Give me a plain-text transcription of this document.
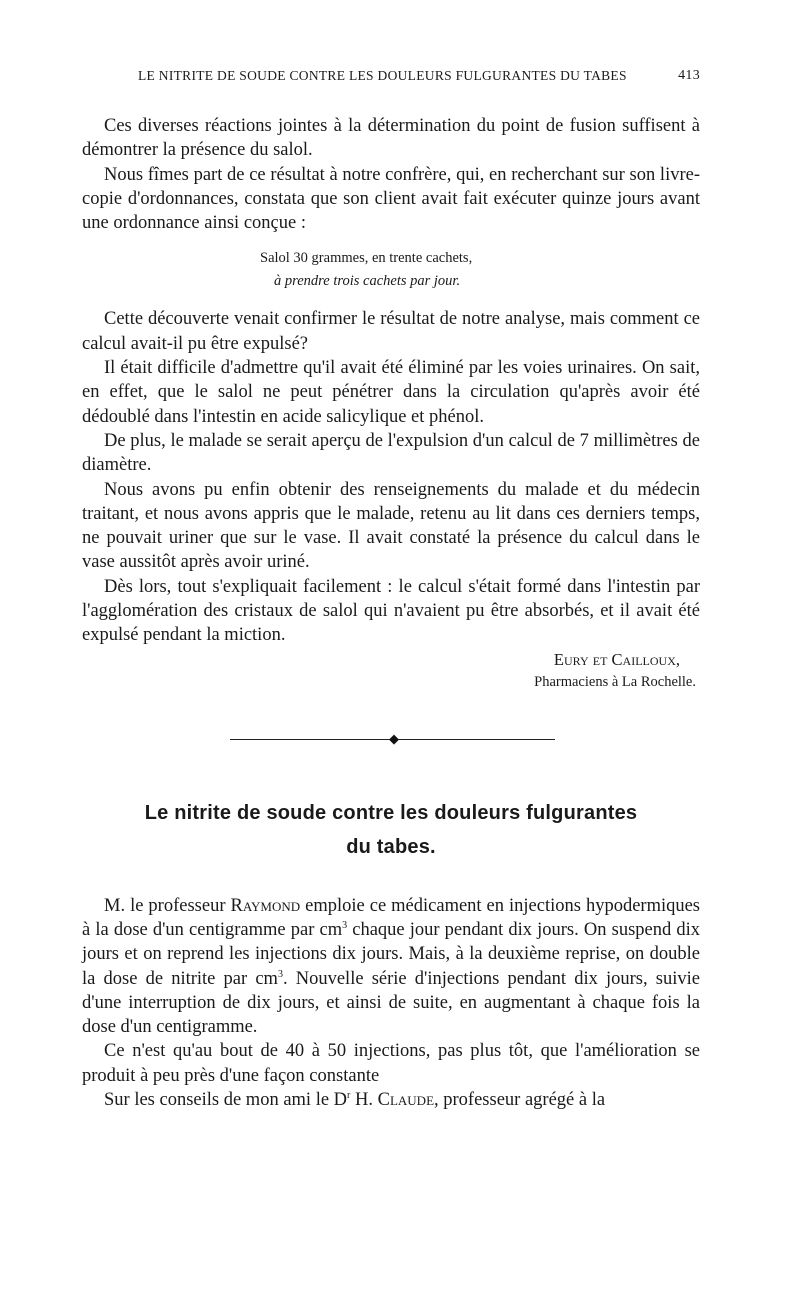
LE NITRITE DE SOUDE CONTRE LES DOULEURS FULGURANTES DU TABES	413

Ces diverses réactions jointes à la détermination du point de fusion suffisent à démontrer la présence du salol.

Nous fîmes part de ce résultat à notre confrère, qui, en recherchant sur son livre-copie d'ordonnances, constata que son client avait fait exécuter quinze jours avant une ordonnance ainsi conçue :

Salol 30 grammes, en trente cachets,
à prendre trois cachets par jour.

Cette découverte venait confirmer le résultat de notre analyse, mais comment ce calcul avait-il pu être expulsé?

Il était difficile d'admettre qu'il avait été éliminé par les voies urinaires. On sait, en effet, que le salol ne peut pénétrer dans la circulation qu'après avoir été dédoublé dans l'intestin en acide salicylique et phénol.

De plus, le malade se serait aperçu de l'expulsion d'un calcul de 7 millimètres de diamètre.

Nous avons pu enfin obtenir des renseignements du malade et du médecin traitant, et nous avons appris que le malade, retenu au lit dans ces derniers temps, ne pouvait uriner que sur le vase. Il avait constaté la présence du calcul dans le vase aussitôt après avoir uriné.

Dès lors, tout s'expliquait facilement : le calcul s'était formé dans l'intestin par l'agglomération des cristaux de salol qui n'avaient pu être absorbés, et il avait été expulsé pendant la miction.

Eury et Cailloux,
Pharmaciens à La Rochelle.
◆
Le nitrite de soude contre les douleurs fulgurantes
du tabes.

M. le professeur Raymond emploie ce médicament en injections hypodermiques à la dose d'un centigramme par $cm^3$ chaque jour pendant dix jours. On suspend dix jours et on reprend les injections dix jours. Mais, à la deuxième reprise, on double la dose de nitrite par $cm^3$. Nouvelle série d'injections pendant dix jours, suivie d'une interruption de dix jours, et ainsi de suite, en augmentant à chaque fois la dose d'un centigramme.

Ce n'est qu'au bout de 40 à 50 injections, pas plus tôt, que l'amélioration se produit à peu près d'une façon constante

Sur les conseils de mon ami le $D^r$ H. Claude, professeur agrégé à la
